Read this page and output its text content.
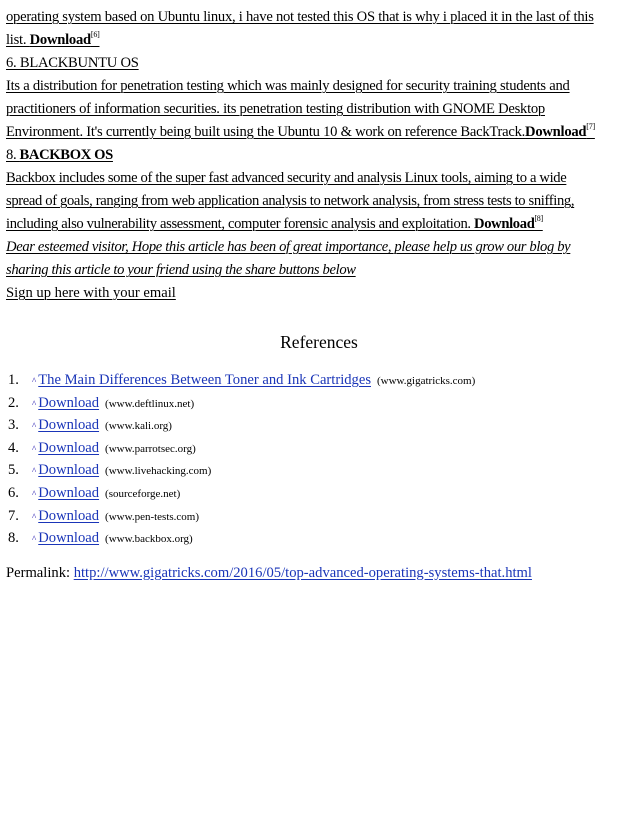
operating system based on Ubuntu linux, i have not tested this OS that is why i placed it in the last of this
list. Download[6]

6. BLACKBUNTU OS
Its a distribution for penetration testing which was mainly designed for security training students and
practitioners of information securities. its penetration testing distribution with GNOME Desktop
Environment. It's currently being built using the Ubuntu 10 & work on reference BackTrack.Download[7]

8. BACKBOX OS
Backbox includes some of the super fast advanced security and analysis Linux tools, aiming to a wide
spread of goals, ranging from web application analysis to network analysis, from stress tests to sniffing,
including also vulnerability assessment, computer forensic analysis and exploitation. Download[8]

Dear esteemed visitor, Hope this article has been of great importance, please help us grow our blog by
sharing this article to your friend using the share buttons below

Sign up here with your email

References
1.	^ The Main Differences Between Toner and Ink Cartridges (www.gigatricks.com)
2.	^ Download (www.deftlinux.net)
3.	^ Download (www.kali.org)
4.	^ Download (www.parrotsec.org)
5.	^ Download (www.livehacking.com)
6.	^ Download (sourceforge.net)
7.	^ Download (www.pen-tests.com)
8.	^ Download (www.backbox.org)

Permalink: http://www.gigatricks.com/2016/05/top-advanced-operating-systems-that.html
